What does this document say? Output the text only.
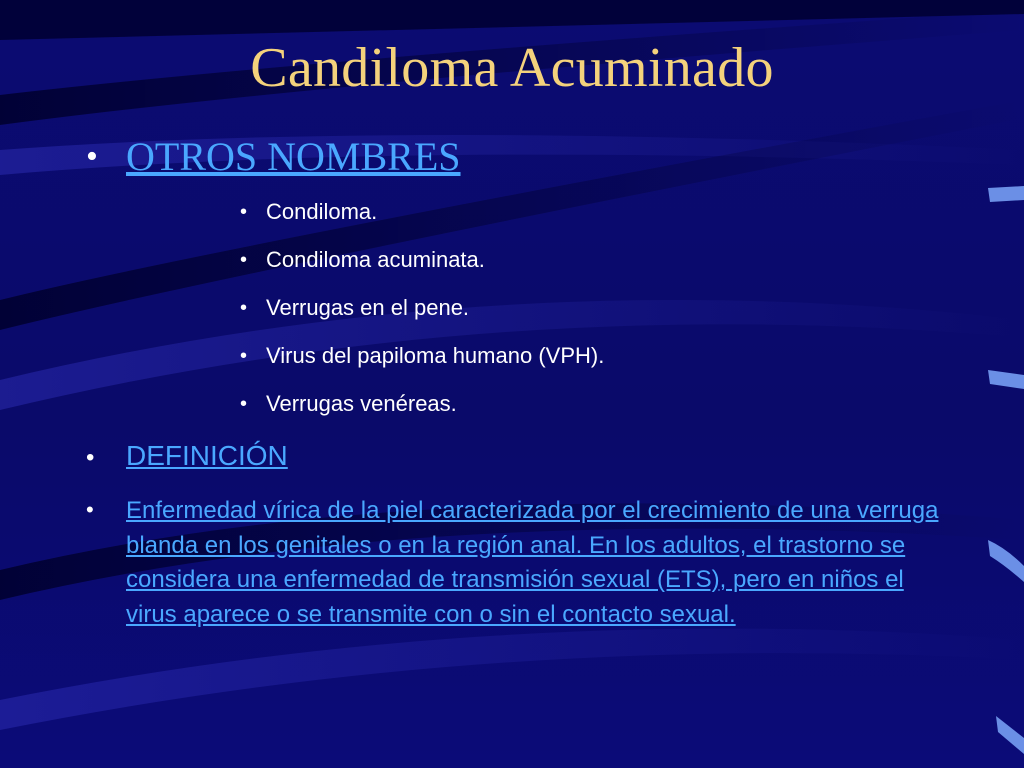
Candiloma Acuminado
• OTROS NOMBRES
• Condiloma.
• Condiloma acuminata.
• Verrugas en el pene.
• Virus del papiloma humano (VPH).
• Verrugas venéreas.
• DEFINICIÓN
• Enfermedad vírica de la piel caracterizada por el crecimiento de una verruga blanda en los genitales o en la región anal. En los adultos, el trastorno se considera una enfermedad de transmisión sexual (ETS), pero en niños el virus aparece o se transmite con o sin el contacto sexual.
